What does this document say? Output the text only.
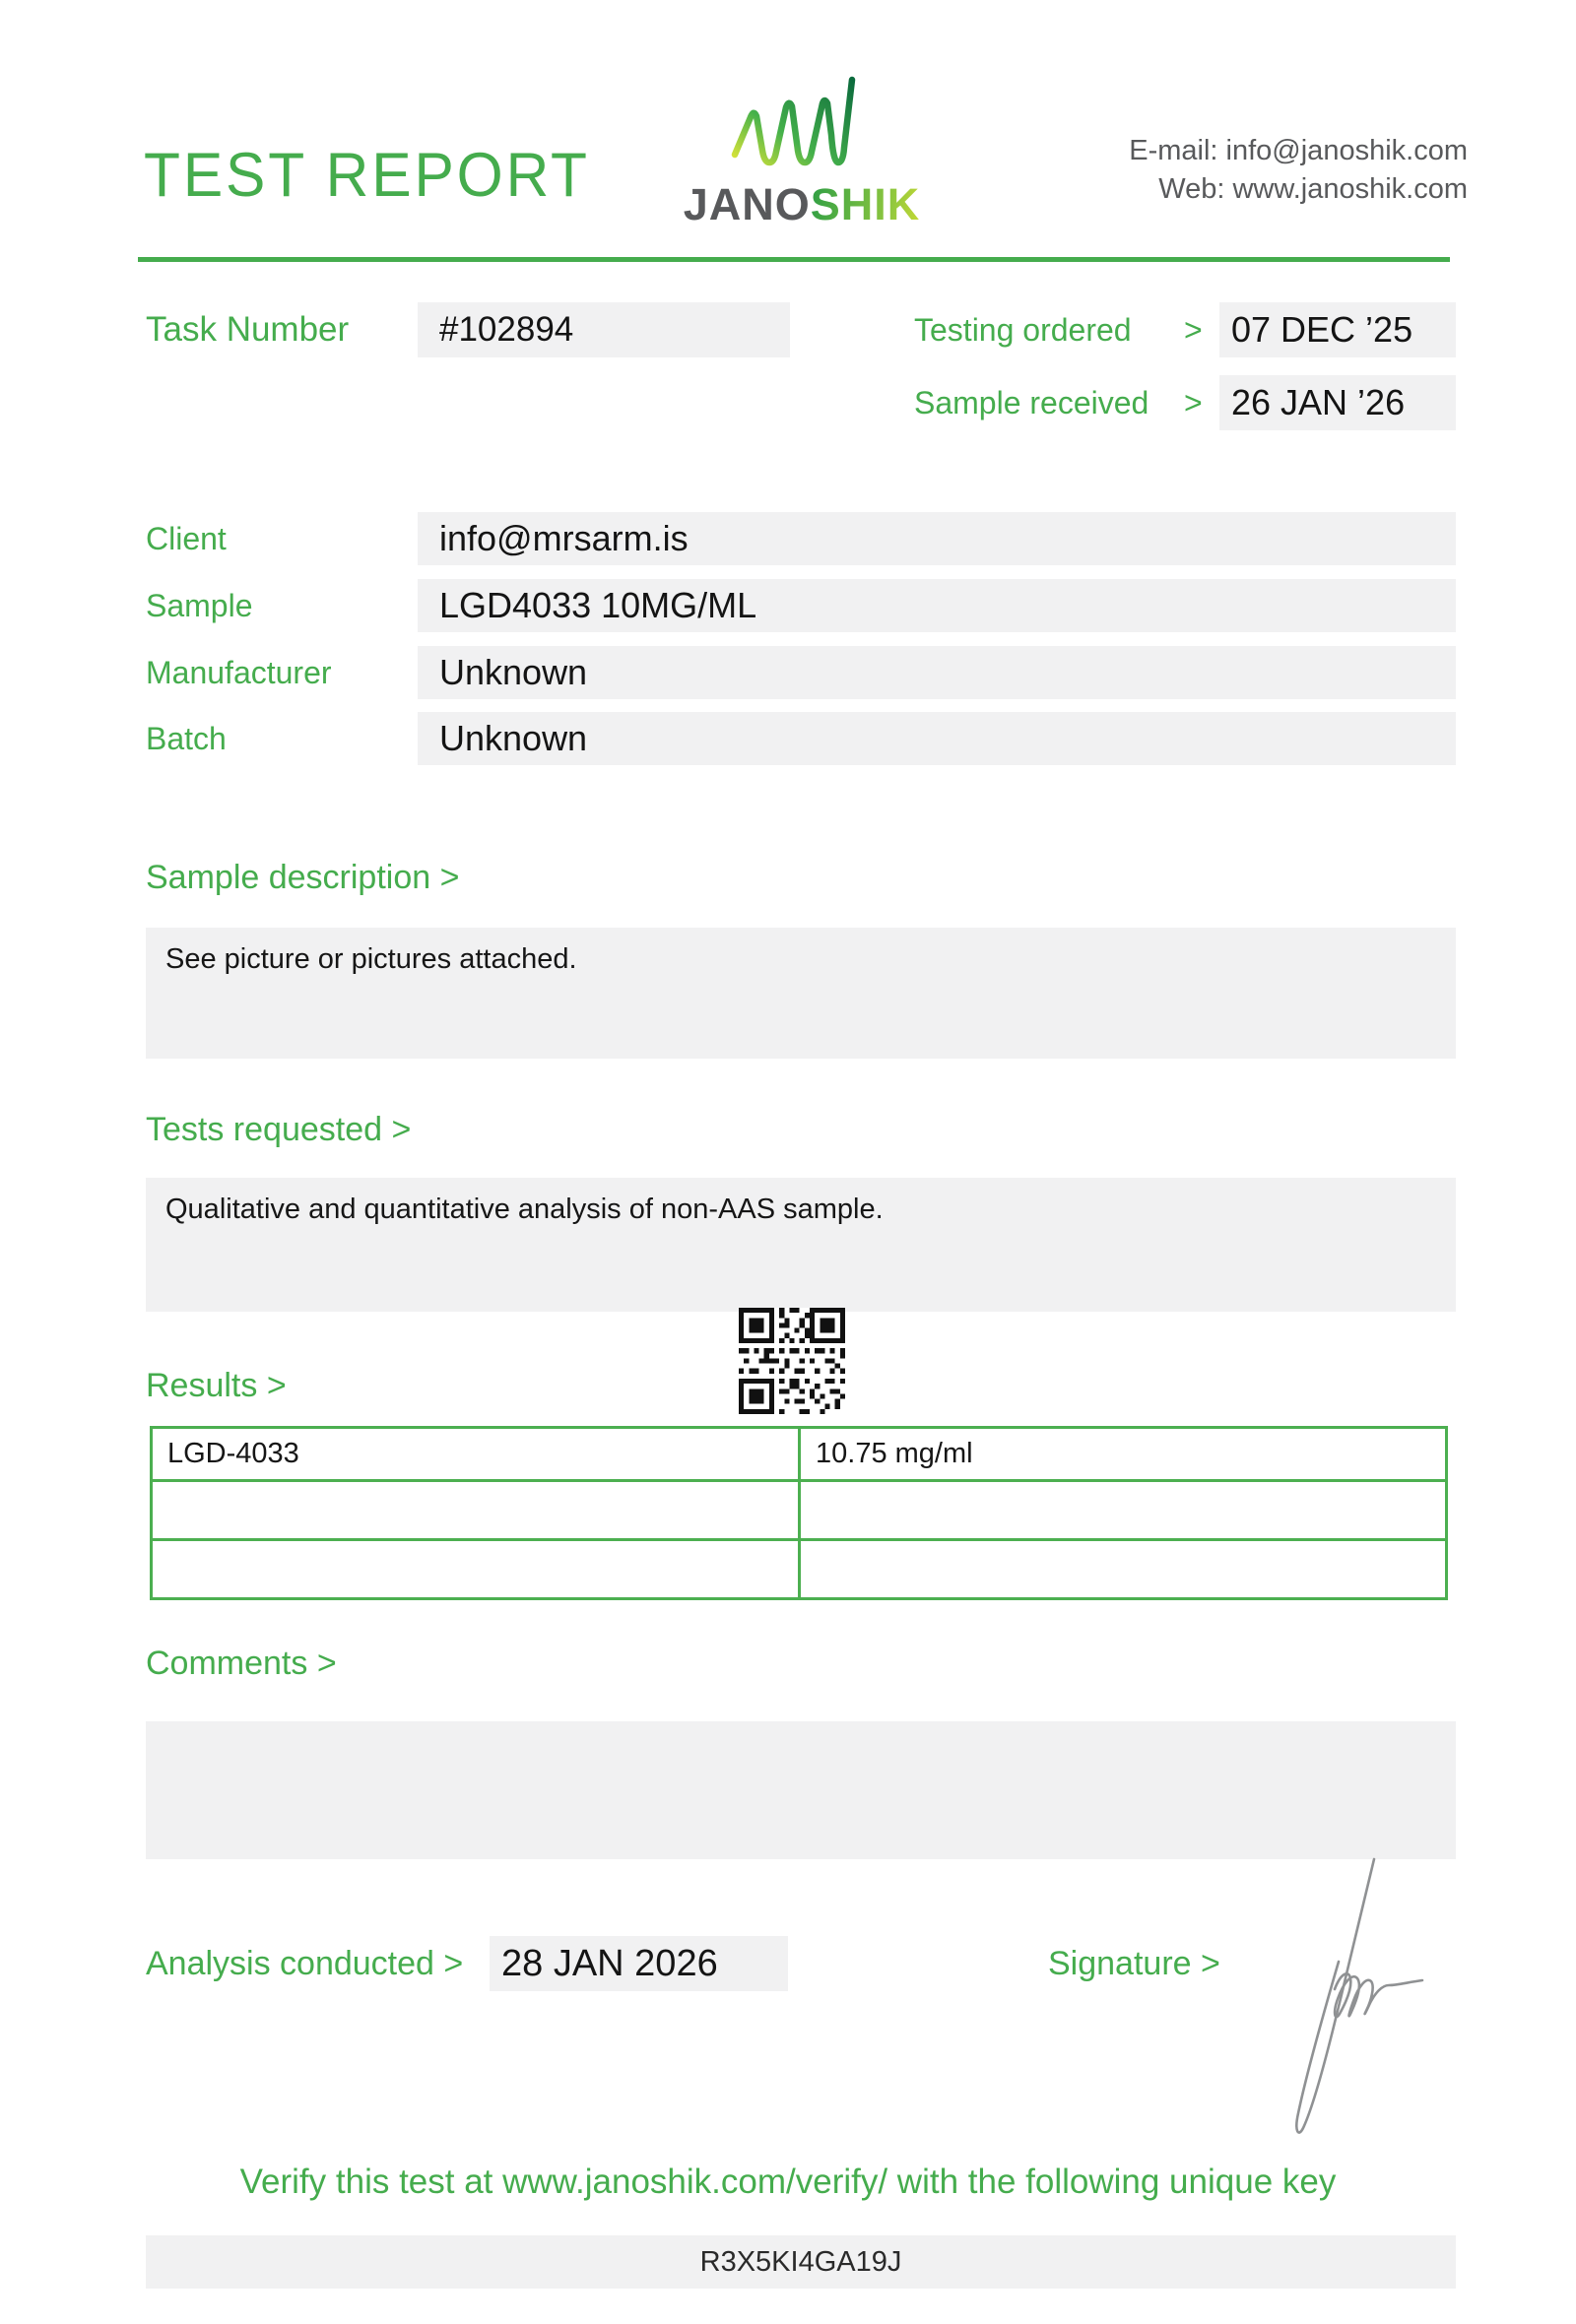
TEST REPORT	JANOSHIK
E-mail: info@janoshik.com
Web: www.janoshik.com
Task Number	#102894	Testing ordered > 07 DEC ’25
Sample received > 26 JAN ’26
Client	info@mrsarm.is
Sample	LGD4033 10MG/ML
Manufacturer	Unknown
Batch	Unknown
Sample description >
See picture or pictures attached.
Tests requested >
Qualitative and quantitative analysis of non-AAS sample.
Results >
LGD-4033	10.75 mg/ml

Comments >
Analysis conducted >	28 JAN 2026	Signature >
Verify this test at www.janoshik.com/verify/ with the following unique key
R3X5KI4GA19J
